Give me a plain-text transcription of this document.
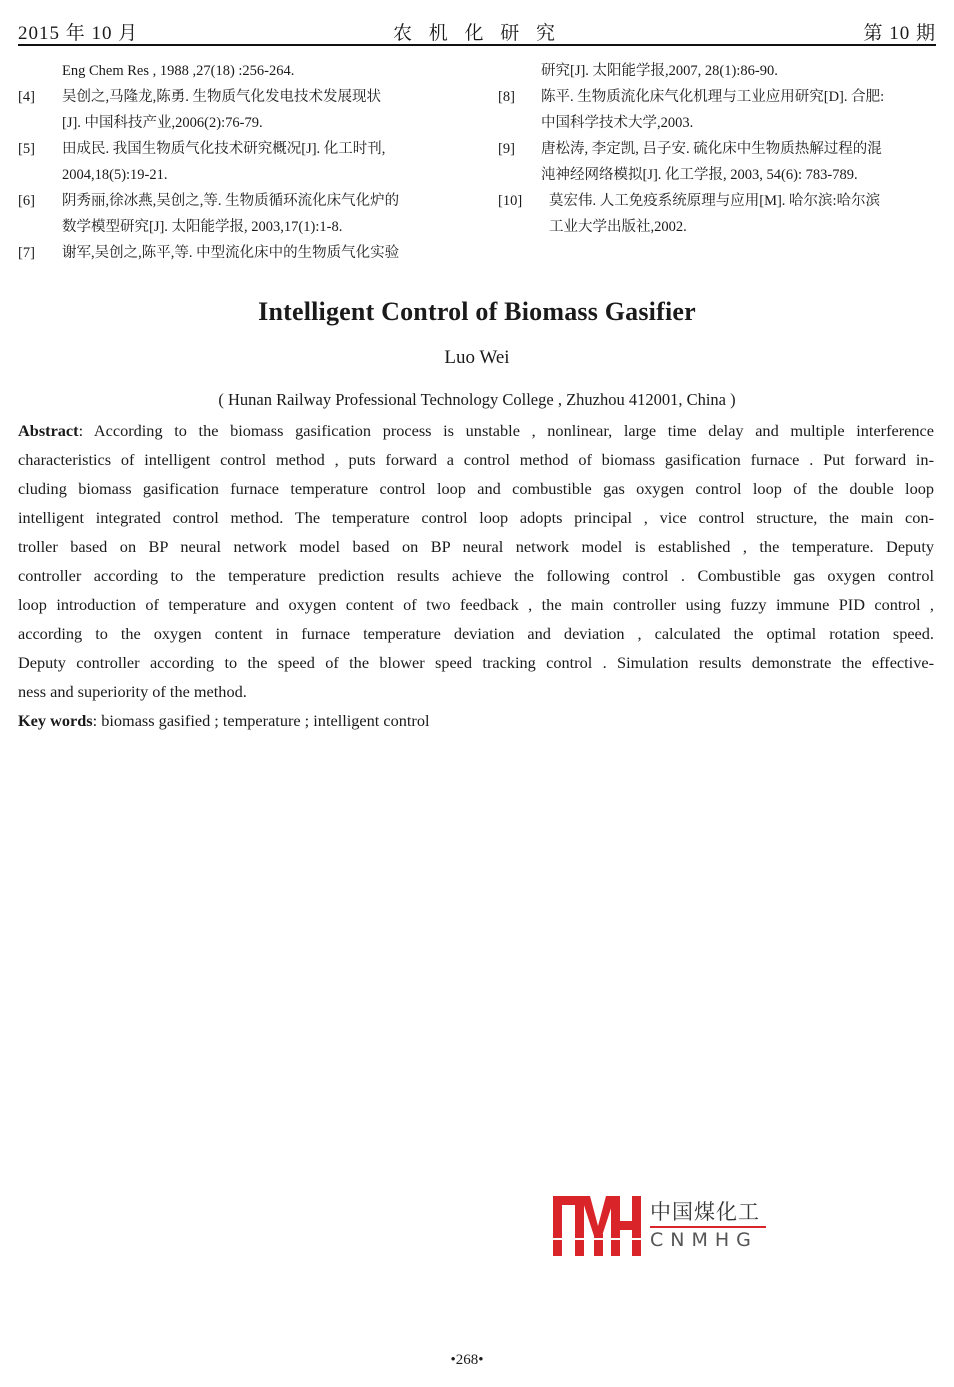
2015 年 10 月	农 机 化 研 究	第 10 期
Eng Chem Res , 1988 ,27(18) :256-264.
[4]	吴创之,马隆龙,陈勇. 生物质气化发电技术发展现状
[J]. 中国科技产业,2006(2):76-79.
[5]	田成民. 我国生物质气化技术研究概况[J]. 化工时刊,
2004,18(5):19-21.
[6]	阴秀丽,徐冰燕,吴创之,等. 生物质循环流化床气化炉的
数学模型研究[J]. 太阳能学报, 2003,17(1):1-8.
[7]	谢军,吴创之,陈平,等. 中型流化床中的生物质气化实验
研究[J]. 太阳能学报,2007, 28(1):86-90.
[8]	陈平. 生物质流化床气化机理与工业应用研究[D]. 合肥:
中国科学技术大学,2003.
[9]	唐松涛, 李定凯, 吕子安. 硫化床中生物质热解过程的混
沌神经网络模拟[J]. 化工学报, 2003, 54(6): 783-789.
[10]	莫宏伟. 人工免疫系统原理与应用[M]. 哈尔滨:哈尔滨
工业大学出版社,2002.
Intelligent Control of Biomass Gasifier
Luo Wei
( Hunan Railway Professional Technology College , Zhuzhou 412001, China )
Abstract: According to the biomass gasification process is unstable , nonlinear, large time delay and multiple interference
characteristics of intelligent control method , puts forward a control method of biomass gasification furnace . Put forward in-
cluding biomass gasification furnace temperature control loop and combustible gas oxygen control loop of the double loop
intelligent integrated control method. The temperature control loop adopts principal , vice control structure, the main con-
troller based on BP neural network model based on BP neural network model is established , the temperature. Deputy
controller according to the temperature prediction results achieve the following control . Combustible gas oxygen control
loop introduction of temperature and oxygen content of two feedback , the main controller using fuzzy immune PID control ,
according to the oxygen content in furnace temperature deviation and deviation , calculated the optimal rotation speed.
Deputy controller according to the speed of the blower speed tracking control . Simulation results demonstrate the effective-
ness and superiority of the method.
Key words: biomass gasified ; temperature ; intelligent control
中国煤化工
CNMHG
•268•
